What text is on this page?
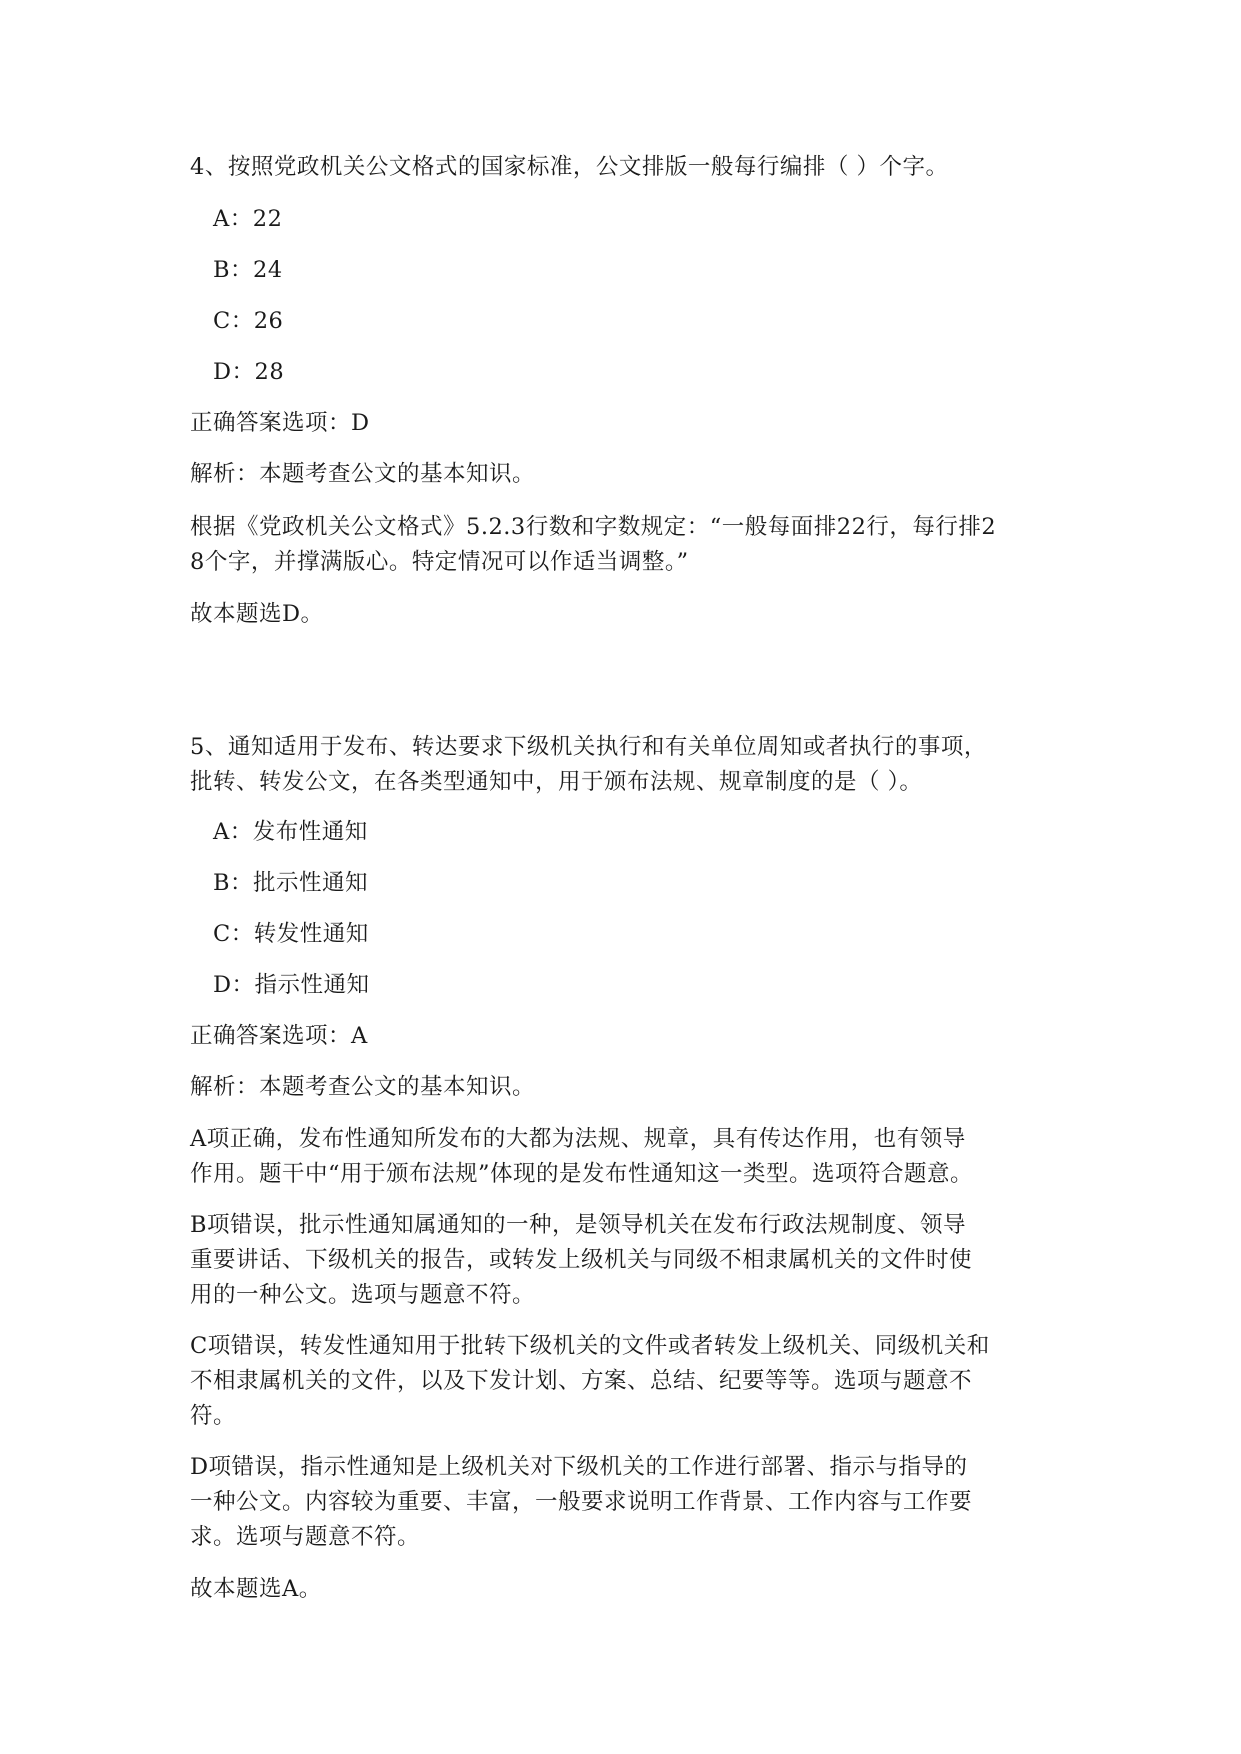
4、按照党政机关公文格式的国家标准，公文排版一般每行编排（ ）个字。
A：22
B：24
C：26
D：28
正确答案选项：D
解析：本题考查公文的基本知识。
根据《党政机关公文格式》5.2.3行数和字数规定：“一般每面排22行，每行排2
8个字，并撑满版心。特定情况可以作适当调整。”
故本题选D。
5、通知适用于发布、转达要求下级机关执行和有关单位周知或者执行的事项，
批转、转发公文，在各类型通知中，用于颁布法规、规章制度的是（ ）。
A：发布性通知
B：批示性通知
C：转发性通知
D：指示性通知
正确答案选项：A
解析：本题考查公文的基本知识。
A项正确，发布性通知所发布的大都为法规、规章，具有传达作用，也有领导
作用。题干中“用于颁布法规”体现的是发布性通知这一类型。选项符合题意。
B项错误，批示性通知属通知的一种，是领导机关在发布行政法规制度、领导
重要讲话、下级机关的报告，或转发上级机关与同级不相隶属机关的文件时使
用的一种公文。选项与题意不符。
C项错误，转发性通知用于批转下级机关的文件或者转发上级机关、同级机关和
不相隶属机关的文件，以及下发计划、方案、总结、纪要等等。选项与题意不
符。
D项错误，指示性通知是上级机关对下级机关的工作进行部署、指示与指导的
一种公文。内容较为重要、丰富，一般要求说明工作背景、工作内容与工作要
求。选项与题意不符。
故本题选A。
